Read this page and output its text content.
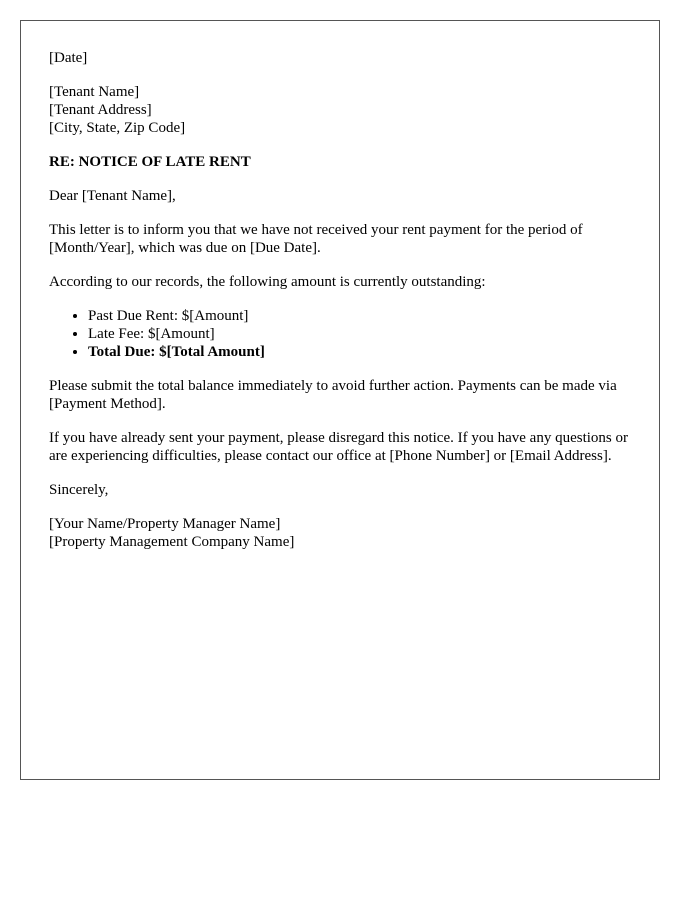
[Date]

[Tenant Name]
[Tenant Address]
[City, State, Zip Code]

RE: NOTICE OF LATE RENT

Dear [Tenant Name],

This letter is to inform you that we have not received your rent payment for the period of [Month/Year], which was due on [Due Date].

According to our records, the following amount is currently outstanding:

• Past Due Rent: $[Amount]
• Late Fee: $[Amount]
• Total Due: $[Total Amount]

Please submit the total balance immediately to avoid further action. Payments can be made via [Payment Method].

If you have already sent your payment, please disregard this notice. If you have any questions or are experiencing difficulties, please contact our office at [Phone Number] or [Email Address].

Sincerely,

[Your Name/Property Manager Name]
[Property Management Company Name]
